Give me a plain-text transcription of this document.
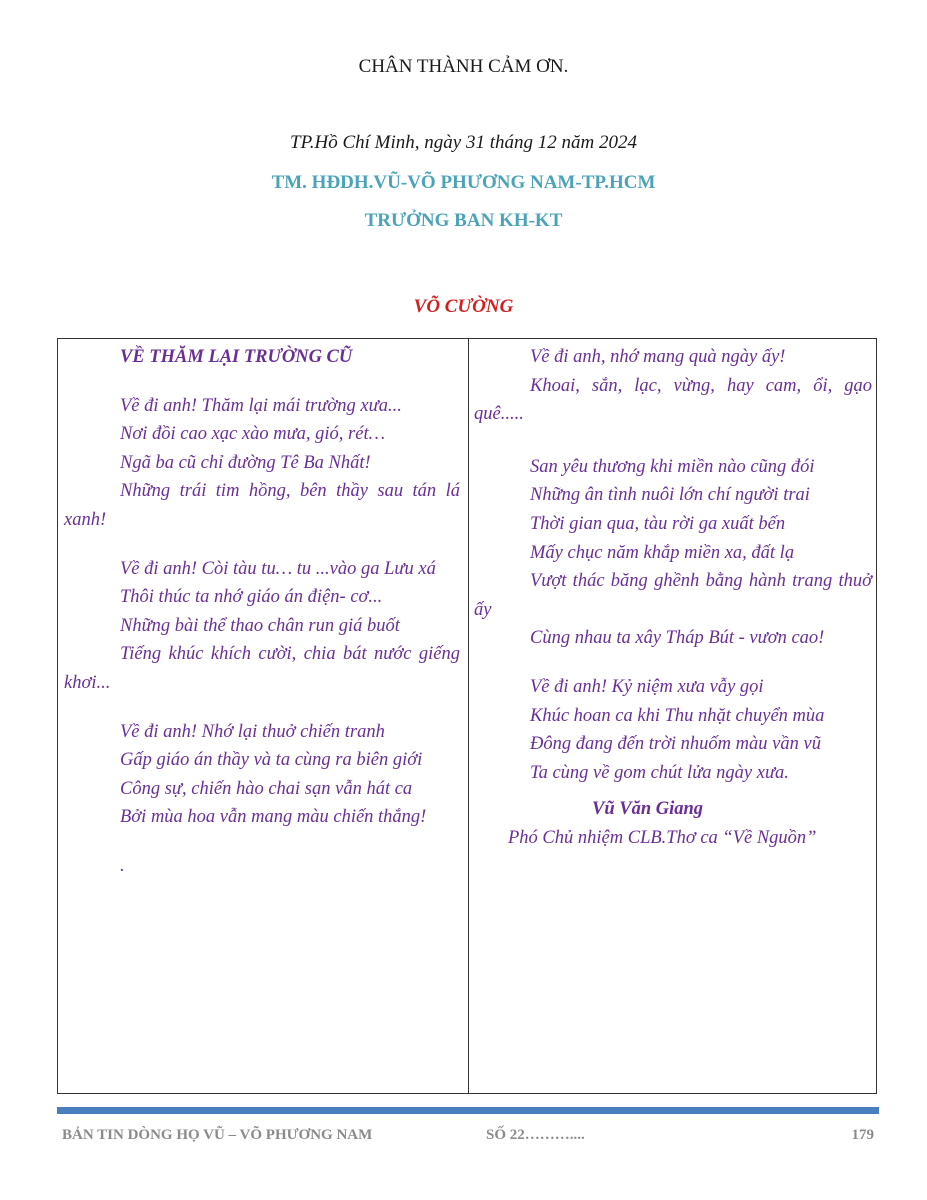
CHÂN THÀNH CẢM ƠN.
TP.Hồ Chí Minh, ngày 31 tháng 12 năm 2024
TM. HĐDH.VŨ-VÕ PHƯƠNG NAM-TP.HCM
TRƯỞNG BAN KH-KT
VÕ CƯỜNG

VỀ THĂM LẠI TRƯỜNG CŨ

Về đi anh! Thăm lại mái trường xưa...

Nơi đồi cao xạc xào mưa, gió, rét…

Ngã ba cũ chỉ đường Tê Ba Nhất!

Những trái tim hồng, bên thầy sau tán lá xanh!

Về đi anh! Còi tàu tu… tu ...vào ga Lưu xá

Thôi thúc ta nhớ giáo án điện- cơ...

Những bài thể thao chân run giá buốt

Tiếng khúc khích cười, chia bát nước giếng khơi...

Về đi anh! Nhớ lại thuở chiến tranh

Gấp giáo án thầy và ta cùng ra biên giới

Công sự, chiến hào chai sạn vẫn hát ca

Bởi mùa hoa vẫn mang màu chiến thắng!

.

Về đi anh, nhớ mang quà ngày ấy!

Khoai, sắn, lạc, vừng, hay cam, ổi, gạo quê.....

San yêu thương khi miền nào cũng đói

Những ân tình nuôi lớn chí người trai

Thời gian qua, tàu rời ga xuất bến

Mấy chục năm khắp miền xa, đất lạ

Vượt thác băng ghềnh bằng hành trang thuở ấy

Cùng nhau ta xây Tháp Bút - vươn cao!

Về đi anh! Kỷ niệm xưa vẫy gọi

Khúc hoan ca khi Thu nhặt chuyển mùa

Đông đang đến trời nhuốm màu vần vũ

Ta cùng về gom chút lửa ngày xưa.

Vũ Văn Giang

Phó Chủ nhiệm CLB.Thơ ca “Về Nguồn”

BẢN TIN DÒNG HỌ VŨ – VÕ PHƯƠNG NAM	SỐ 22………....	179
